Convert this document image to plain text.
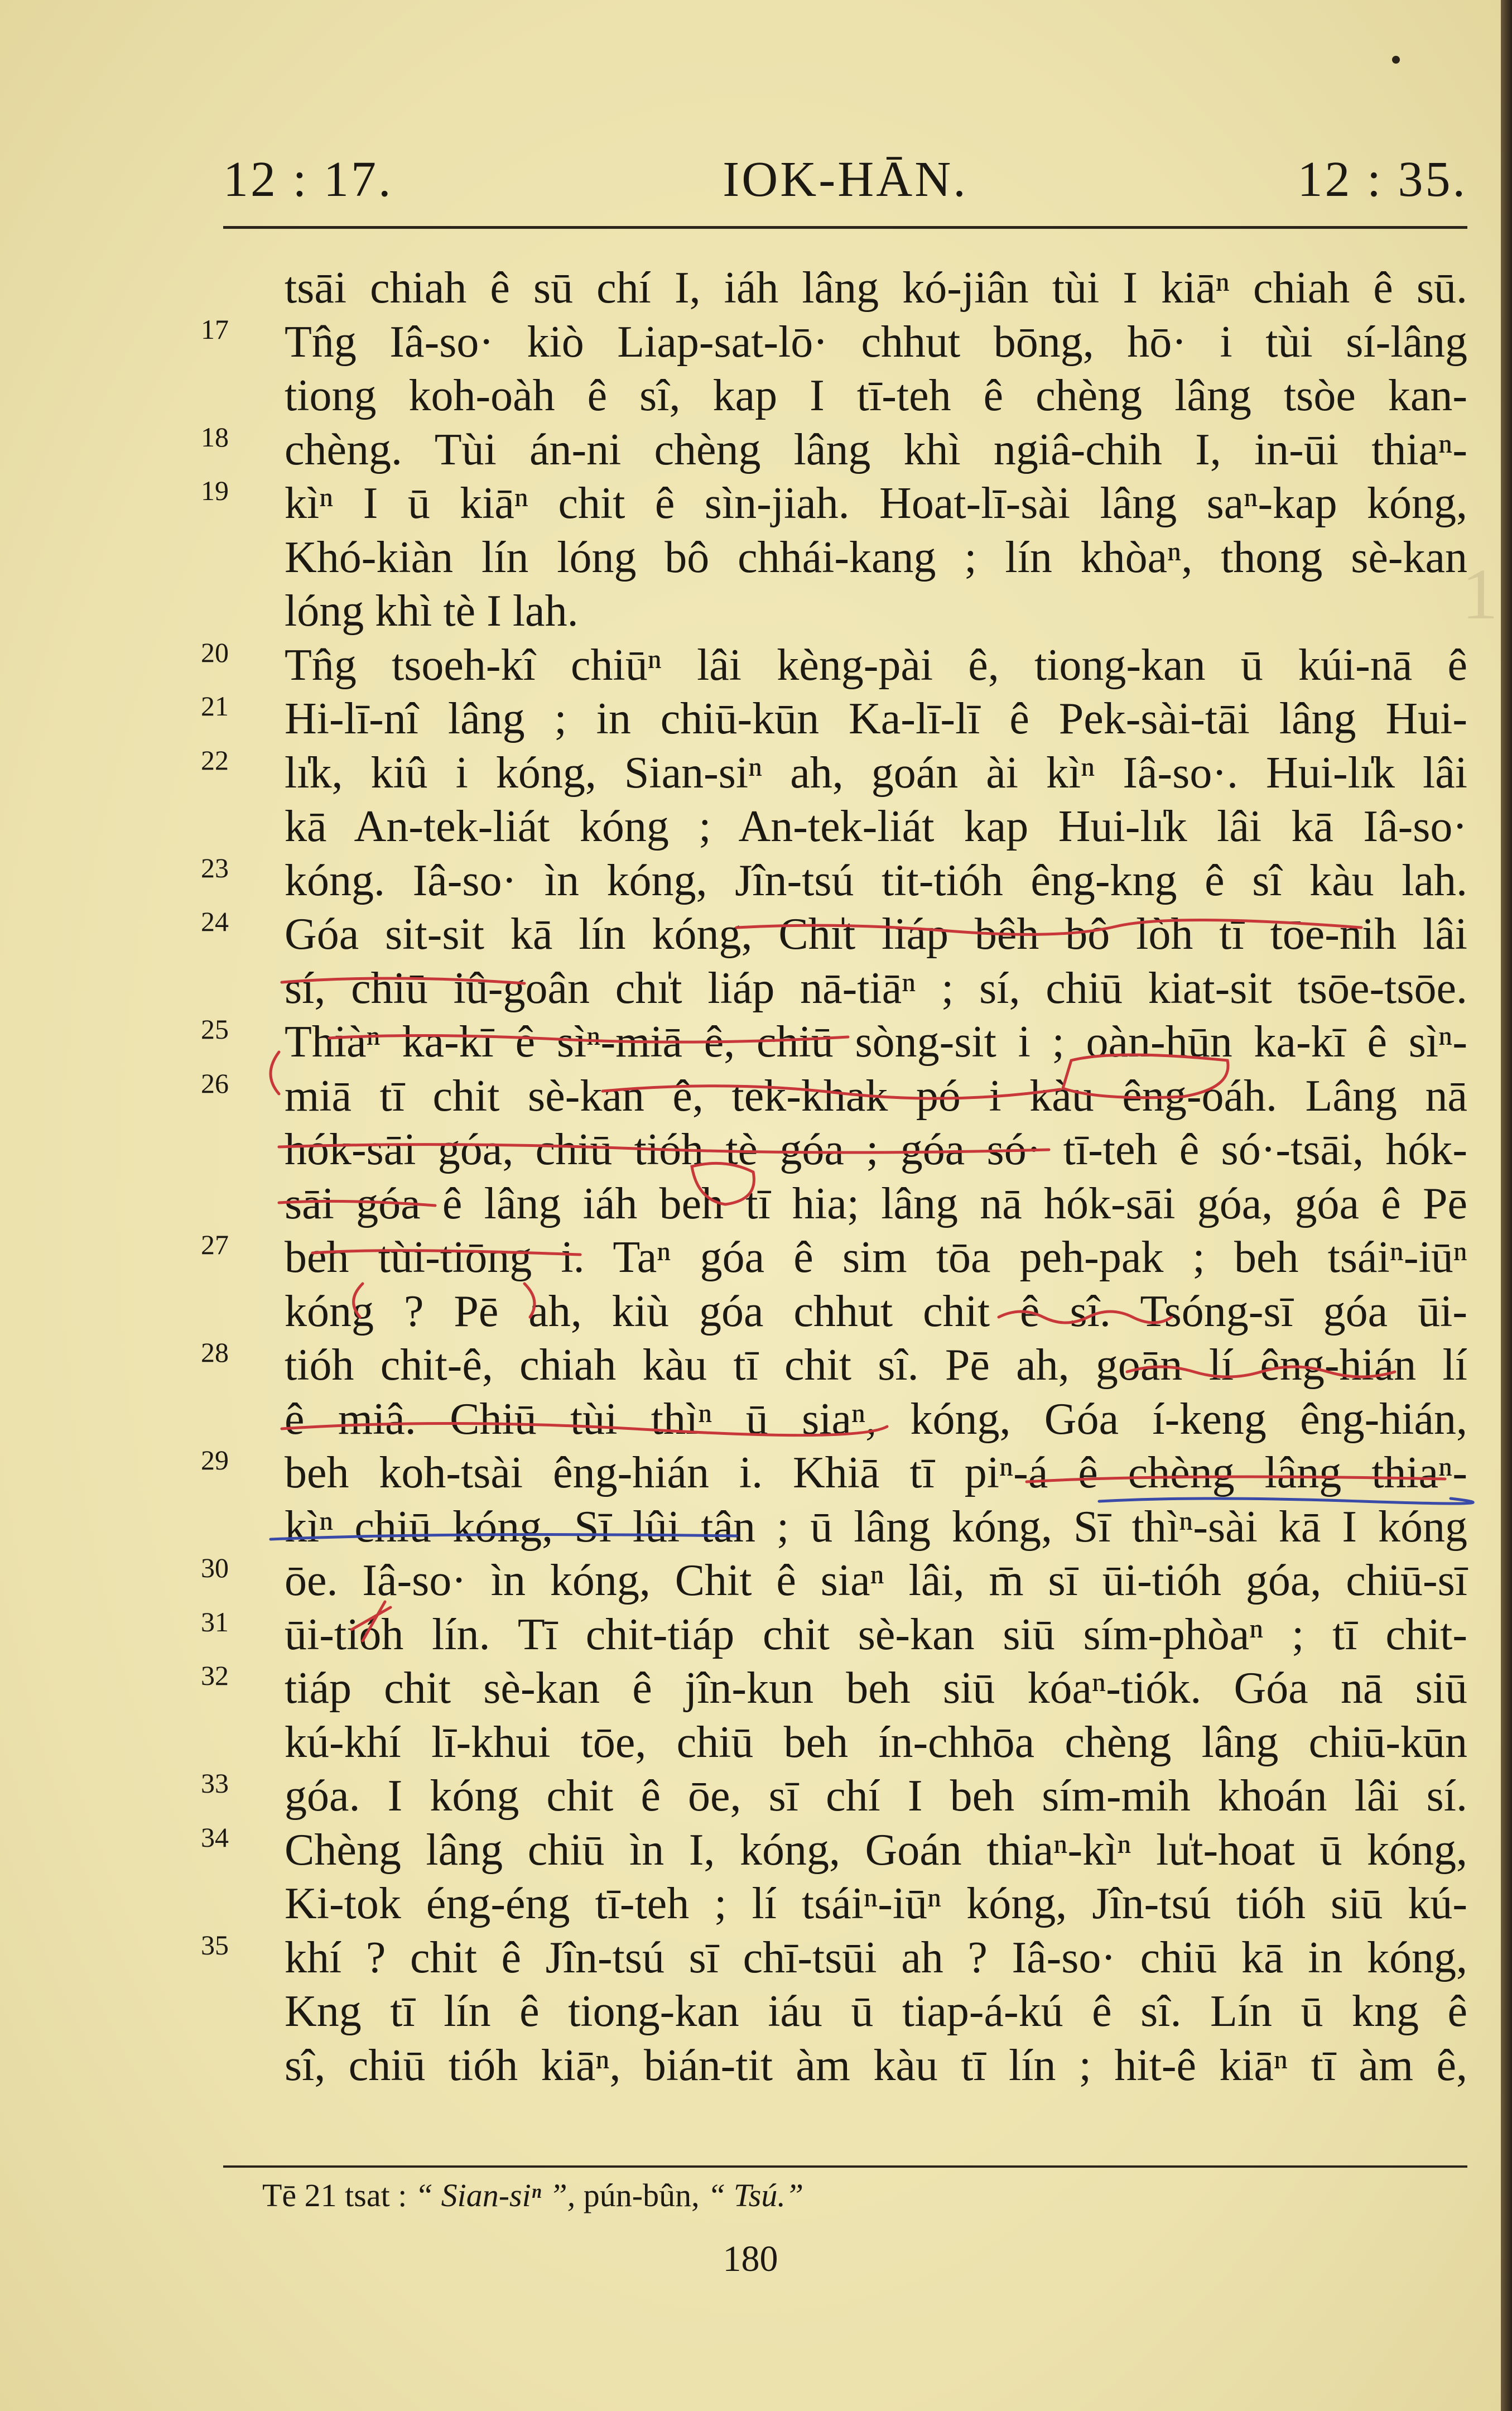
1
12 : 17.	IOK-HĀN.	12 : 35.
tsāi chiah ê sū chí I, iáh lâng kó-jiân tùi I kiāⁿ chiah ê sū.
17 Tn̂g Iâ-so· kiò Liap-sat-lō· chhut bōng, hō· i tùi sí-lâng
tiong koh-oàh ê sî, kap I tī-teh ê chèng lâng tsòe kan-
18 chèng. Tùi án-ni chèng lâng khì ngiâ-chih I, in-ūi thiaⁿ-
19 kìⁿ I ū kiāⁿ chit ê sìn-jiah. Hoat-lī-sài lâng saⁿ-kap kóng,
Khó-kiàn lín lóng bô chhái-kang ; lín khòaⁿ, thong sè-kan
lóng khì tè I lah.
20 Tn̂g tsoeh-kî chiūⁿ lâi kèng-pài ê, tiong-kan ū kúi-nā ê
21 Hi-lī-nî lâng ; in chiū-kūn Ka-lī-lī ê Pek-sài-tāi lâng Hui-
22 lı̍k, kiû i kóng, Sian-siⁿ ah, goán ài kìⁿ Iâ-so·. Hui-lı̍k lâi
kā An-tek-liát kóng ; An-tek-liát kap Hui-lı̍k lâi kā Iâ-so·
23 kóng. Iâ-so· ìn kóng, Jîn-tsú tit-tióh êng-kng ê sî kàu lah.
24 Góa sit-sit kā lín kóng, Chı̍t liáp bêh bô lòh tī tōe-nih lâi
sí, chiū iû-goân chı̍t liáp nā-tiāⁿ ; sí, chiū kiat-sit tsōe-tsōe.
25 Thiàⁿ ka-kī ê sìⁿ-miā ê, chiū sòng-sit i ; oàn-hūn ka-kī ê sìⁿ-
26 miā tī chit sè-kan ê, tek-khak pó i kàu êng-oáh. Lâng nā
hók-sāi góa, chiū tióh tè góa ; góa só· tī-teh ê só·-tsāi, hók-
sāi góa ê lâng iáh beh tī hia; lâng nā hók-sāi góa, góa ê Pē
27 beh tùi-tiōng i. Taⁿ góa ê sim tōa peh-pak ; beh tsáiⁿ-iūⁿ
kóng ? Pē ah, kiù góa chhut chit ê sî. Tsóng-sī góa ūi-
28 tióh chit-ê, chiah kàu tī chit sî. Pē ah, goān lí êng-hián lí
ê miâ. Chiū tùi thìⁿ ū siaⁿ, kóng, Góa í-keng êng-hián,
29 beh koh-tsài êng-hián i. Khiā tī piⁿ-á ê chèng lâng thiaⁿ-
kìⁿ chiū kóng, Sī lûi tân ; ū lâng kóng, Sī thìⁿ-sài kā I kóng
30 ōe. Iâ-so· ìn kóng, Chit ê siaⁿ lâi, m̄ sī ūi-tióh góa, chiū-sī
31 ūi-tióh lín. Tī chit-tiáp chit sè-kan siū sím-phòaⁿ ; tī chit-
32 tiáp chit sè-kan ê jîn-kun beh siū kóaⁿ-tiók. Góa nā siū
kú-khí lī-khui tōe, chiū beh ín-chhōa chèng lâng chiū-kūn
33 góa. I kóng chit ê ōe, sī chí I beh sím-mih khoán lâi sí.
34 Chèng lâng chiū ìn I, kóng, Goán thiaⁿ-kìⁿ lu̍t-hoat ū kóng,
Ki-tok éng-éng tī-teh ; lí tsáiⁿ-iūⁿ kóng, Jîn-tsú tióh siū kú-
35 khí ? chit ê Jîn-tsú sī chī-tsūi ah ? Iâ-so· chiū kā in kóng,
Kng tī lín ê tiong-kan iáu ū tiap-á-kú ê sî. Lín ū kng ê
sî, chiū tióh kiāⁿ, bián-tit àm kàu tī lín ; hit-ê kiāⁿ tī àm ê,
Tē 21 tsat : “ Sian-siⁿ ”, pún-bûn, “ Tsú.”
180
